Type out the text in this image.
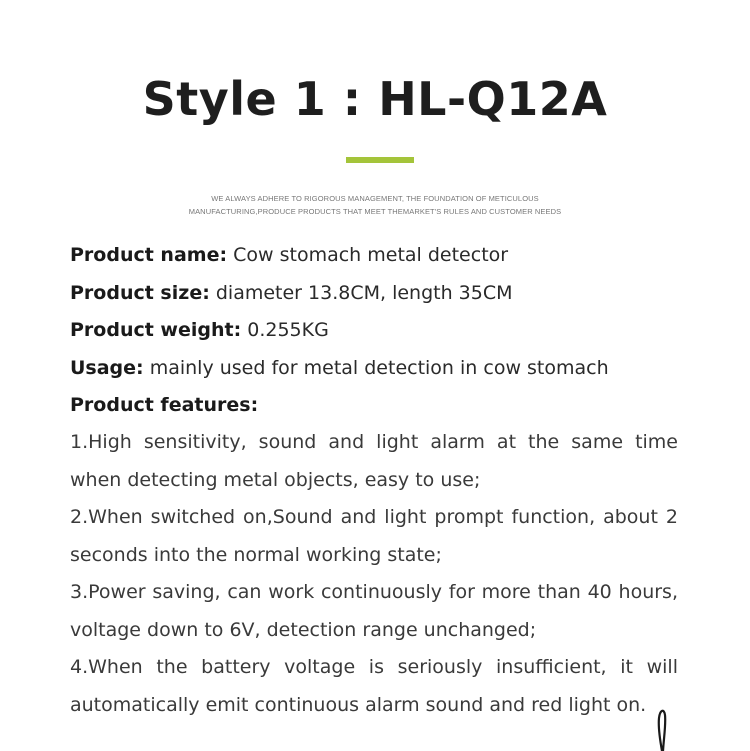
Style 1 : HL-Q12A
WE ALWAYS ADHERE TO RIGOROUS MANAGEMENT, THE FOUNDATION OF METICULOUS
MANUFACTURING,PRODUCE PRODUCTS THAT MEET THEMARKET'S RULES AND CUSTOMER NEEDS
Product name: Cow stomach metal detector
Product size: diameter 13.8CM, length 35CM
Product weight: 0.255KG
Usage: mainly used for metal detection in cow stomach
Product features:
1.High sensitivity, sound and light alarm at the same time when detecting metal objects, easy to use;
2.When switched on,Sound and light prompt function, about 2 seconds into the normal working state;
3.Power saving, can work continuously for more than 40 hours, voltage down to 6V, detection range unchanged;
4.When the battery voltage is seriously insufficient, it will automatically emit continuous alarm sound and red light on.
